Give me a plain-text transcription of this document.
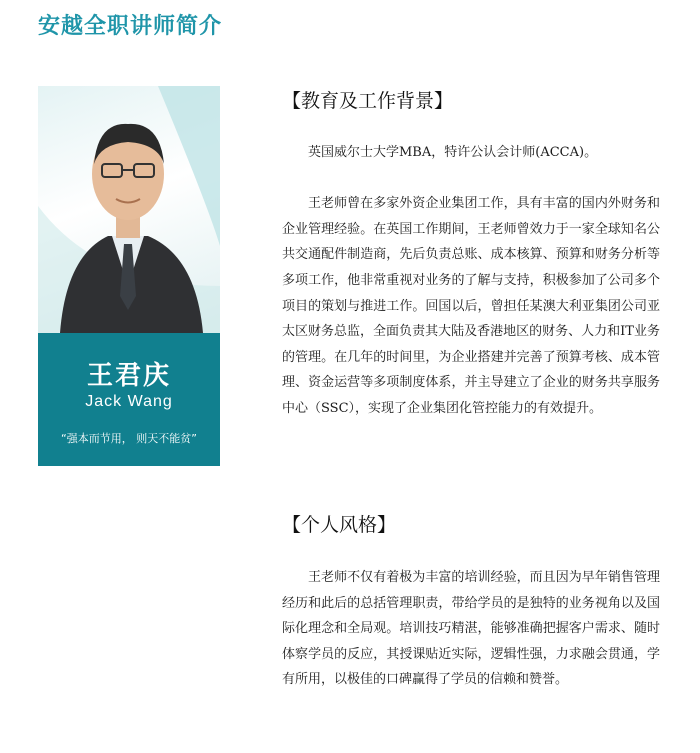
安越全职讲师简介
王君庆
Jack Wang
“强本而节用， 则天不能贫”
【教育及工作背景】

英国威尔士大学MBA，特许公认会计师(ACCA)。

王老师曾在多家外资企业集团工作，具有丰富的国内外财务和企业管理经验。在英国工作期间，王老师曾效力于一家全球知名公共交通配件制造商，先后负责总账、成本核算、预算和财务分析等多项工作，他非常重视对业务的了解与支持，积极参加了公司多个项目的策划与推进工作。回国以后，曾担任某澳大利亚集团公司亚太区财务总监，全面负责其大陆及香港地区的财务、人力和IT业务的管理。在几年的时间里，为企业搭建并完善了预算考核、成本管理、资金运营等多项制度体系，并主导建立了企业的财务共享服务中心（SSC），实现了企业集团化管控能力的有效提升。

【个人风格】

王老师不仅有着极为丰富的培训经验，而且因为早年销售管理经历和此后的总括管理职责，带给学员的是独特的业务视角以及国际化理念和全局观。培训技巧精湛，能够准确把握客户需求、随时体察学员的反应，其授课贴近实际，逻辑性强，力求融会贯通，学有所用，以极佳的口碑赢得了学员的信赖和赞誉。
